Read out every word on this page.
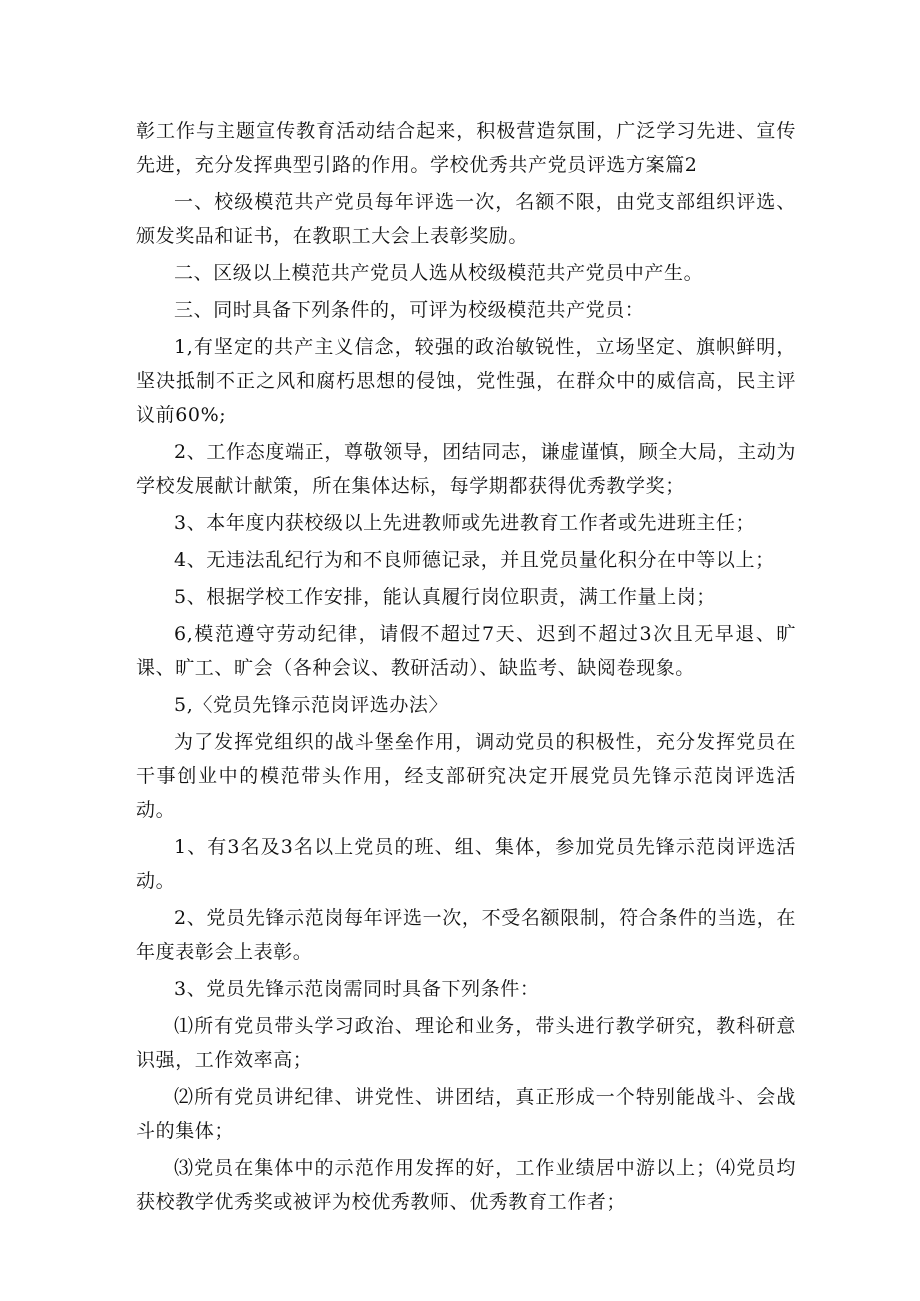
彰工作与主题宣传教育活动结合起来，积极营造氛围，广泛学习先进、宣传先进，充分发挥典型引路的作用。学校优秀共产党员评选方案篇2

一、校级模范共产党员每年评选一次，名额不限，由党支部组织评选、颁发奖品和证书，在教职工大会上表彰奖励。

二、区级以上模范共产党员人选从校级模范共产党员中产生。

三、同时具备下列条件的，可评为校级模范共产党员：

1,有坚定的共产主义信念，较强的政治敏锐性，立场坚定、旗帜鲜明，坚决抵制不正之风和腐朽思想的侵蚀，党性强，在群众中的威信高，民主评议前60%;

2、工作态度端正，尊敬领导，团结同志，谦虚谨慎，顾全大局，主动为学校发展献计献策，所在集体达标，每学期都获得优秀教学奖；

3、本年度内获校级以上先进教师或先进教育工作者或先进班主任；

4、无违法乱纪行为和不良师德记录，并且党员量化积分在中等以上；

5、根据学校工作安排，能认真履行岗位职责，满工作量上岗；

6,模范遵守劳动纪律，请假不超过7天、迟到不超过3次且无早退、旷课、旷工、旷会（各种会议、教研活动）、缺监考、缺阅卷现象。

5,〈党员先锋示范岗评选办法〉

为了发挥党组织的战斗堡垒作用，调动党员的积极性，充分发挥党员在干事创业中的模范带头作用，经支部研究决定开展党员先锋示范岗评选活动。

1、有3名及3名以上党员的班、组、集体，参加党员先锋示范岗评选活动。

2、党员先锋示范岗每年评选一次，不受名额限制，符合条件的当选，在年度表彰会上表彰。

3、党员先锋示范岗需同时具备下列条件：

⑴所有党员带头学习政治、理论和业务，带头进行教学研究，教科研意识强，工作效率高；

⑵所有党员讲纪律、讲党性、讲团结，真正形成一个特别能战斗、会战斗的集体；

⑶党员在集体中的示范作用发挥的好，工作业绩居中游以上；⑷党员均获校教学优秀奖或被评为校优秀教师、优秀教育工作者；
